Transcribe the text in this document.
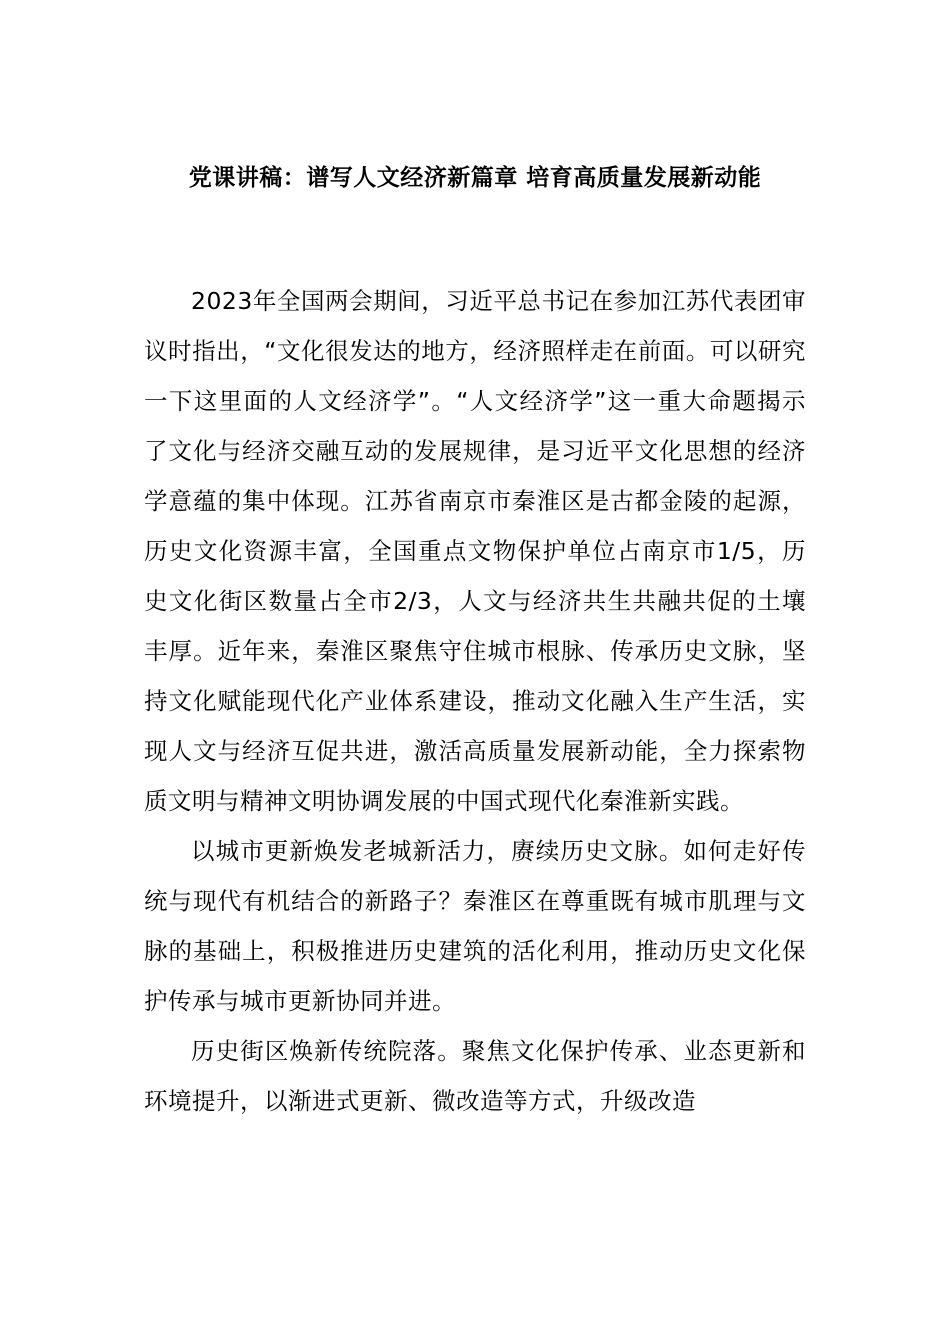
党课讲稿：谱写人文经济新篇章 培育高质量发展新动能

2023年全国两会期间，习近平总书记在参加江苏代表团审议时指出，“文化很发达的地方，经济照样走在前面。可以研究一下这里面的人文经济学”。“人文经济学”这一重大命题揭示了文化与经济交融互动的发展规律，是习近平文化思想的经济学意蕴的集中体现。江苏省南京市秦淮区是古都金陵的起源，历史文化资源丰富，全国重点文物保护单位占南京市1/5，历史文化街区数量占全市2/3，人文与经济共生共融共促的土壤丰厚。近年来，秦淮区聚焦守住城市根脉、传承历史文脉，坚持文化赋能现代化产业体系建设，推动文化融入生产生活，实现人文与经济互促共进，激活高质量发展新动能，全力探索物质文明与精神文明协调发展的中国式现代化秦淮新实践。

以城市更新焕发老城新活力，赓续历史文脉。如何走好传统与现代有机结合的新路子？秦淮区在尊重既有城市肌理与文脉的基础上，积极推进历史建筑的活化利用，推动历史文化保护传承与城市更新协同并进。

历史街区焕新传统院落。聚焦文化保护传承、业态更新和环境提升，以渐进式更新、微改造等方式，升级改造
